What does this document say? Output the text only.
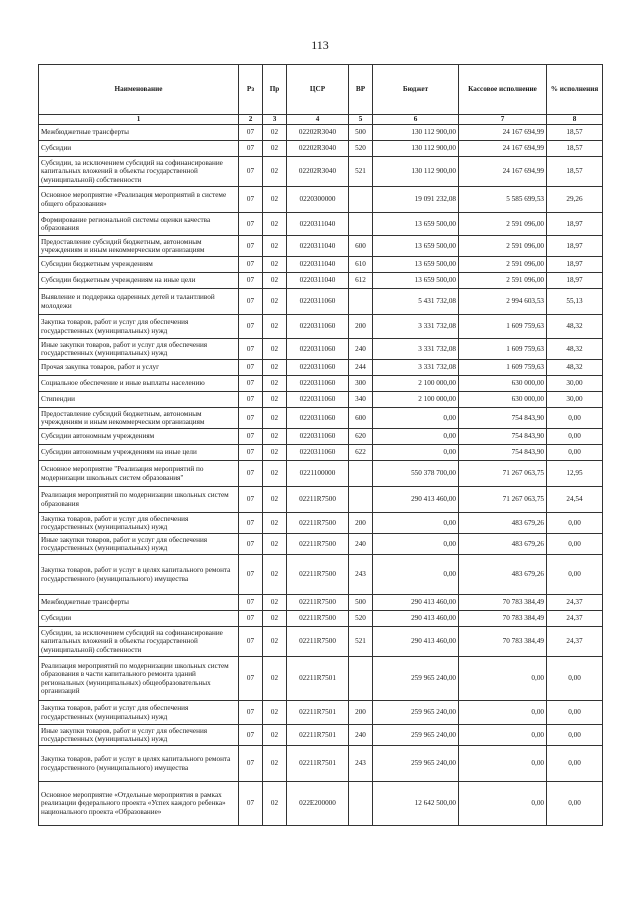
113
Наименование	Рз	Пр	ЦСР	ВР	Бюджет	Кассовое исполнение	% исполнения
1	2	3	4	5	6	7	8
Межбюджетные трансферты	07	02	02202R3040	500	130 112 900,00	24 167 694,99	18,57
Субсидии	07	02	02202R3040	520	130 112 900,00	24 167 694,99	18,57
Субсидии, за исключением субсидий на софинансирование капитальных вложений в объекты государственной (муниципальной) собственности	07	02	02202R3040	521	130 112 900,00	24 167 694,99	18,57
Основное мероприятие «Реализация мероприятий в системе общего образования»	07	02	0220300000		19 091 232,08	5 585 699,53	29,26
Формирование региональной системы оценки качества образования	07	02	0220311040		13 659 500,00	2 591 096,00	18,97
Предоставление субсидий бюджетным, автономным учреждениям и иным некоммерческим организациям	07	02	0220311040	600	13 659 500,00	2 591 096,00	18,97
Субсидии бюджетным учреждениям	07	02	0220311040	610	13 659 500,00	2 591 096,00	18,97
Субсидии бюджетным учреждениям на иные цели	07	02	0220311040	612	13 659 500,00	2 591 096,00	18,97
Выявление и поддержка одаренных детей и талантливой молодежи	07	02	0220311060		5 431 732,08	2 994 603,53	55,13
Закупка товаров, работ и услуг для обеспечения государственных (муниципальных) нужд	07	02	0220311060	200	3 331 732,08	1 609 759,63	48,32
Иные закупки товаров, работ и услуг для обеспечения государственных (муниципальных) нужд	07	02	0220311060	240	3 331 732,08	1 609 759,63	48,32
Прочая закупка товаров, работ и услуг	07	02	0220311060	244	3 331 732,08	1 609 759,63	48,32
Социальное обеспечение и иные выплаты населению	07	02	0220311060	300	2 100 000,00	630 000,00	30,00
Стипендии	07	02	0220311060	340	2 100 000,00	630 000,00	30,00
Предоставление субсидий бюджетным, автономным учреждениям и иным некоммерческим организациям	07	02	0220311060	600	0,00	754 843,90	0,00
Субсидии автономным учреждениям	07	02	0220311060	620	0,00	754 843,90	0,00
Субсидии автономным учреждениям на иные цели	07	02	0220311060	622	0,00	754 843,90	0,00
Основное мероприятие "Реализация мероприятий по модернизации школьных систем образования"	07	02	0221100000		550 378 700,00	71 267 063,75	12,95
Реализация мероприятий по модернизации школьных систем образования	07	02	02211R7500		290 413 460,00	71 267 063,75	24,54
Закупка товаров, работ и услуг для обеспечения государственных (муниципальных) нужд	07	02	02211R7500	200	0,00	483 679,26	0,00
Иные закупки товаров, работ и услуг для обеспечения государственных (муниципальных) нужд	07	02	02211R7500	240	0,00	483 679,26	0,00
Закупка товаров, работ и услуг в целях капитального ремонта государственного (муниципального) имущества	07	02	02211R7500	243	0,00	483 679,26	0,00
Межбюджетные трансферты	07	02	02211R7500	500	290 413 460,00	70 783 384,49	24,37
Субсидии	07	02	02211R7500	520	290 413 460,00	70 783 384,49	24,37
Субсидии, за исключением субсидий на софинансирование капитальных вложений в объекты государственной (муниципальной) собственности	07	02	02211R7500	521	290 413 460,00	70 783 384,49	24,37
Реализация мероприятий по модернизации школьных систем образования в части капитального ремонта зданий региональных (муниципальных) общеобразовательных организаций	07	02	02211R7501		259 965 240,00	0,00	0,00
Закупка товаров, работ и услуг для обеспечения государственных (муниципальных) нужд	07	02	02211R7501	200	259 965 240,00	0,00	0,00
Иные закупки товаров, работ и услуг для обеспечения государственных (муниципальных) нужд	07	02	02211R7501	240	259 965 240,00	0,00	0,00
Закупка товаров, работ и услуг в целях капитального ремонта государственного (муниципального) имущества	07	02	02211R7501	243	259 965 240,00	0,00	0,00
Основное мероприятие «Отдельные мероприятия в рамках реализации федерального проекта «Успех каждого ребенка» национального проекта «Образование»	07	02	022E200000		12 642 500,00	0,00	0,00
